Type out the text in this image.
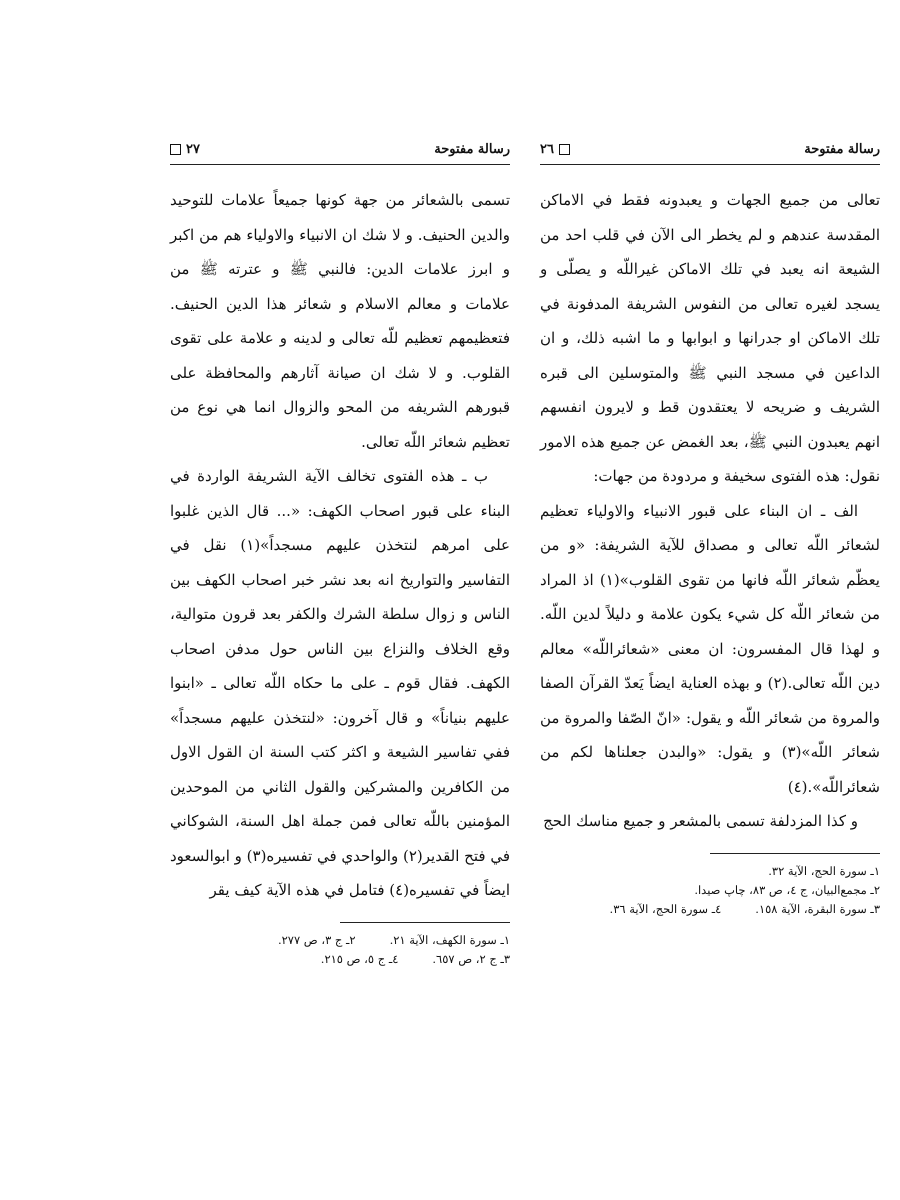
رسالة مفتوحة
٢٧

تسمى بالشعائر من جهة كونها جميعاً علامات للتوحيد والدين الحنيف. و لا شك ان الانبياء والاولياء هم من اكبر و ابرز علامات الدين: فالنبي ﷺ و عترته ﷺ من علامات و معالم الاسلام و شعائر هذا الدين الحنيف. فتعظيمهم تعظيم للّه تعالى و لدينه و علامة على تقوى القلوب. و لا شك ان صيانة آثارهم والمحافظة على قبورهم الشريفه من المحو والزوال انما هي نوع من تعظيم شعائر اللّه تعالى.

ب ـ هذه الفتوى تخالف الآية الشريفة الواردة في البناء على قبور اصحاب الكهف: «... قال الذين غلبوا على امرهم لنتخذن عليهم مسجداً»(١) نقل في التفاسير والتواريخ انه بعد نشر خبر اصحاب الكهف بين الناس و زوال سلطة الشرك والكفر بعد قرون متوالية، وقع الخلاف والنزاع بين الناس حول مدفن اصحاب الكهف. فقال قوم ـ على ما حكاه اللّه تعالى ـ «ابنوا عليهم بنياناً» و قال آخرون: «لنتخذن عليهم مسجداً» ففي تفاسير الشيعة و اكثر كتب السنة ان القول الاول من الكافرين والمشركين والقول الثاني من الموحدين المؤمنين باللّه تعالى فمن جملة اهل السنة، الشوكاني في فتح القدير(٢) والواحدي في تفسيره(٣) و ابوالسعود ايضاً في تفسيره(٤) فتامل في هذه الآية كيف يقر

١ـ سورة الكهف، الآية ٢١.
٢ـ ج ٣، ص ٢٧٧.
٣ـ ج ٢، ص ٦٥٧.
٤ـ ج ٥، ص ٢١٥.
رسالة مفتوحة
٢٦

تعالى من جميع الجهات و يعبدونه فقط في الاماكن المقدسة عندهم و لم يخطر الى الآن في قلب احد من الشيعة انه يعبد في تلك الاماكن غيراللّه و يصلّى و يسجد لغيره تعالى من النفوس الشريفة المدفونة في تلك الاماكن او جدرانها و ابوابها و ما اشبه ذلك، و ان الداعين في مسجد النبي ﷺ والمتوسلين الى قبره الشريف و ضريحه لا يعتقدون قط و لايرون انفسهم انهم يعبدون النبي ﷺ، بعد الغمض عن جميع هذه الامور نقول: هذه الفتوى سخيفة و مردودة من جهات:

الف ـ ان البناء على قبور الانبياء والاولياء تعظيم لشعائر اللّه تعالى و مصداق للآية الشريفة: «و من يعظّم شعائر اللّه فانها من تقوى القلوب»(١) اذ المراد من شعائر اللّه كل شيء يكون علامة و دليلاً لدين اللّه. و لهذا قال المفسرون: ان معنى «شعائراللّه» معالم دين اللّه تعالى.(٢) و بهذه العناية ايضاً يَعدّ القرآن الصفا والمروة من شعائر اللّه و يقول: «انّ الصّفا والمروة من شعائر اللّه»(٣) و يقول: «والبدن جعلناها لكم من شعائراللّه».(٤)

و كذا المزدلفة تسمى بالمشعر و جميع مناسك الحج

١ـ سورة الحج، الآية ٣٢.
٢ـ مجمع‌البيان، ج ٤، ص ٨٣، چاپ صيدا.
٣ـ سورة البقرة، الآية ١٥٨.
٤ـ سورة الحج، الآية ٣٦.
